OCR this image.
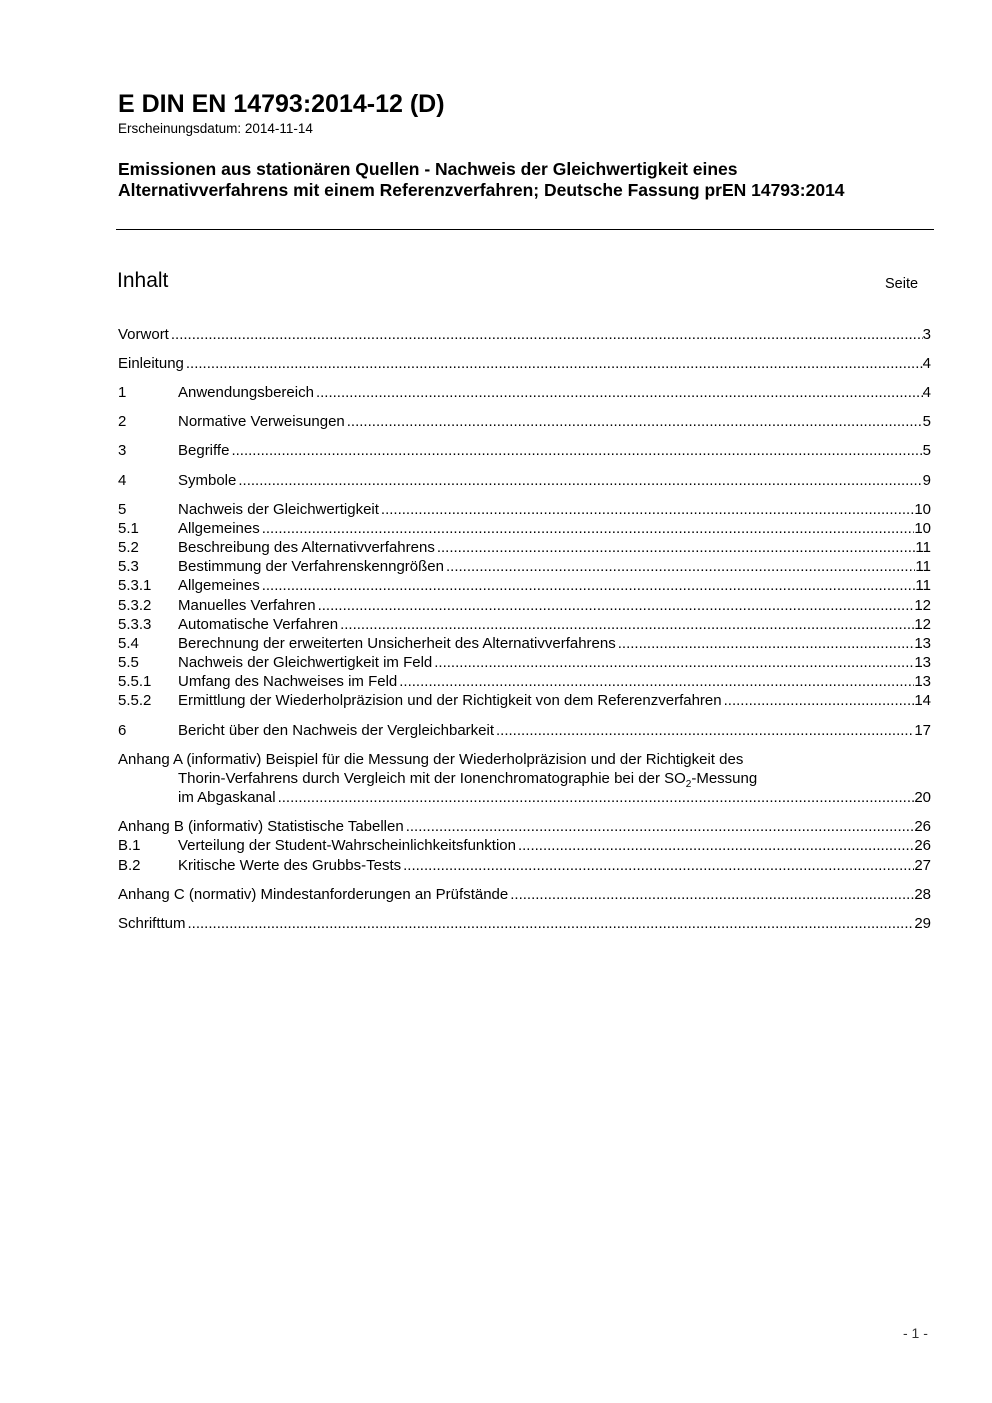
E DIN EN 14793:2014-12 (D)
Erscheinungsdatum: 2014-11-14
Emissionen aus stationären Quellen - Nachweis der Gleichwertigkeit eines Alternativverfahrens mit einem Referenzverfahren; Deutsche Fassung prEN 14793:2014
Inhalt	Seite
Vorwort .....	3
Einleitung .....	4
1	Anwendungsbereich .....	4
2	Normative Verweisungen .....	5
3	Begriffe .....	5
4	Symbole .....	9
5	Nachweis der Gleichwertigkeit .....	10
5.1	Allgemeines .....	10
5.2	Beschreibung des Alternativverfahrens .....	11
5.3	Bestimmung der Verfahrenskenngrößen .....	11
5.3.1 Allgemeines .....	11
5.3.2 Manuelles Verfahren .....	12
5.3.3 Automatische Verfahren .....	12
5.4	Berechnung der erweiterten Unsicherheit des Alternativverfahrens .....	13
5.5	Nachweis der Gleichwertigkeit im Feld .....	13
5.5.1 Umfang des Nachweises im Feld .....	13
5.5.2 Ermittlung der Wiederholpräzision und der Richtigkeit von dem Referenzverfahren .....	14
6	Bericht über den Nachweis der Vergleichbarkeit .....	17
Anhang A (informativ) Beispiel für die Messung der Wiederholpräzision und der Richtigkeit des
Thorin-Verfahrens durch Vergleich mit der Ionenchromatographie bei der $SO_2$-Messung
im Abgaskanal .....	20
Anhang B (informativ) Statistische Tabellen .....	26
B.1 Verteilung der Student-Wahrscheinlichkeitsfunktion .....	26
B.2 Kritische Werte des Grubbs-Tests .....	27
Anhang C (normativ) Mindestanforderungen an Prüfstände .....	28
Schrifttum .....	29
- 1 -
